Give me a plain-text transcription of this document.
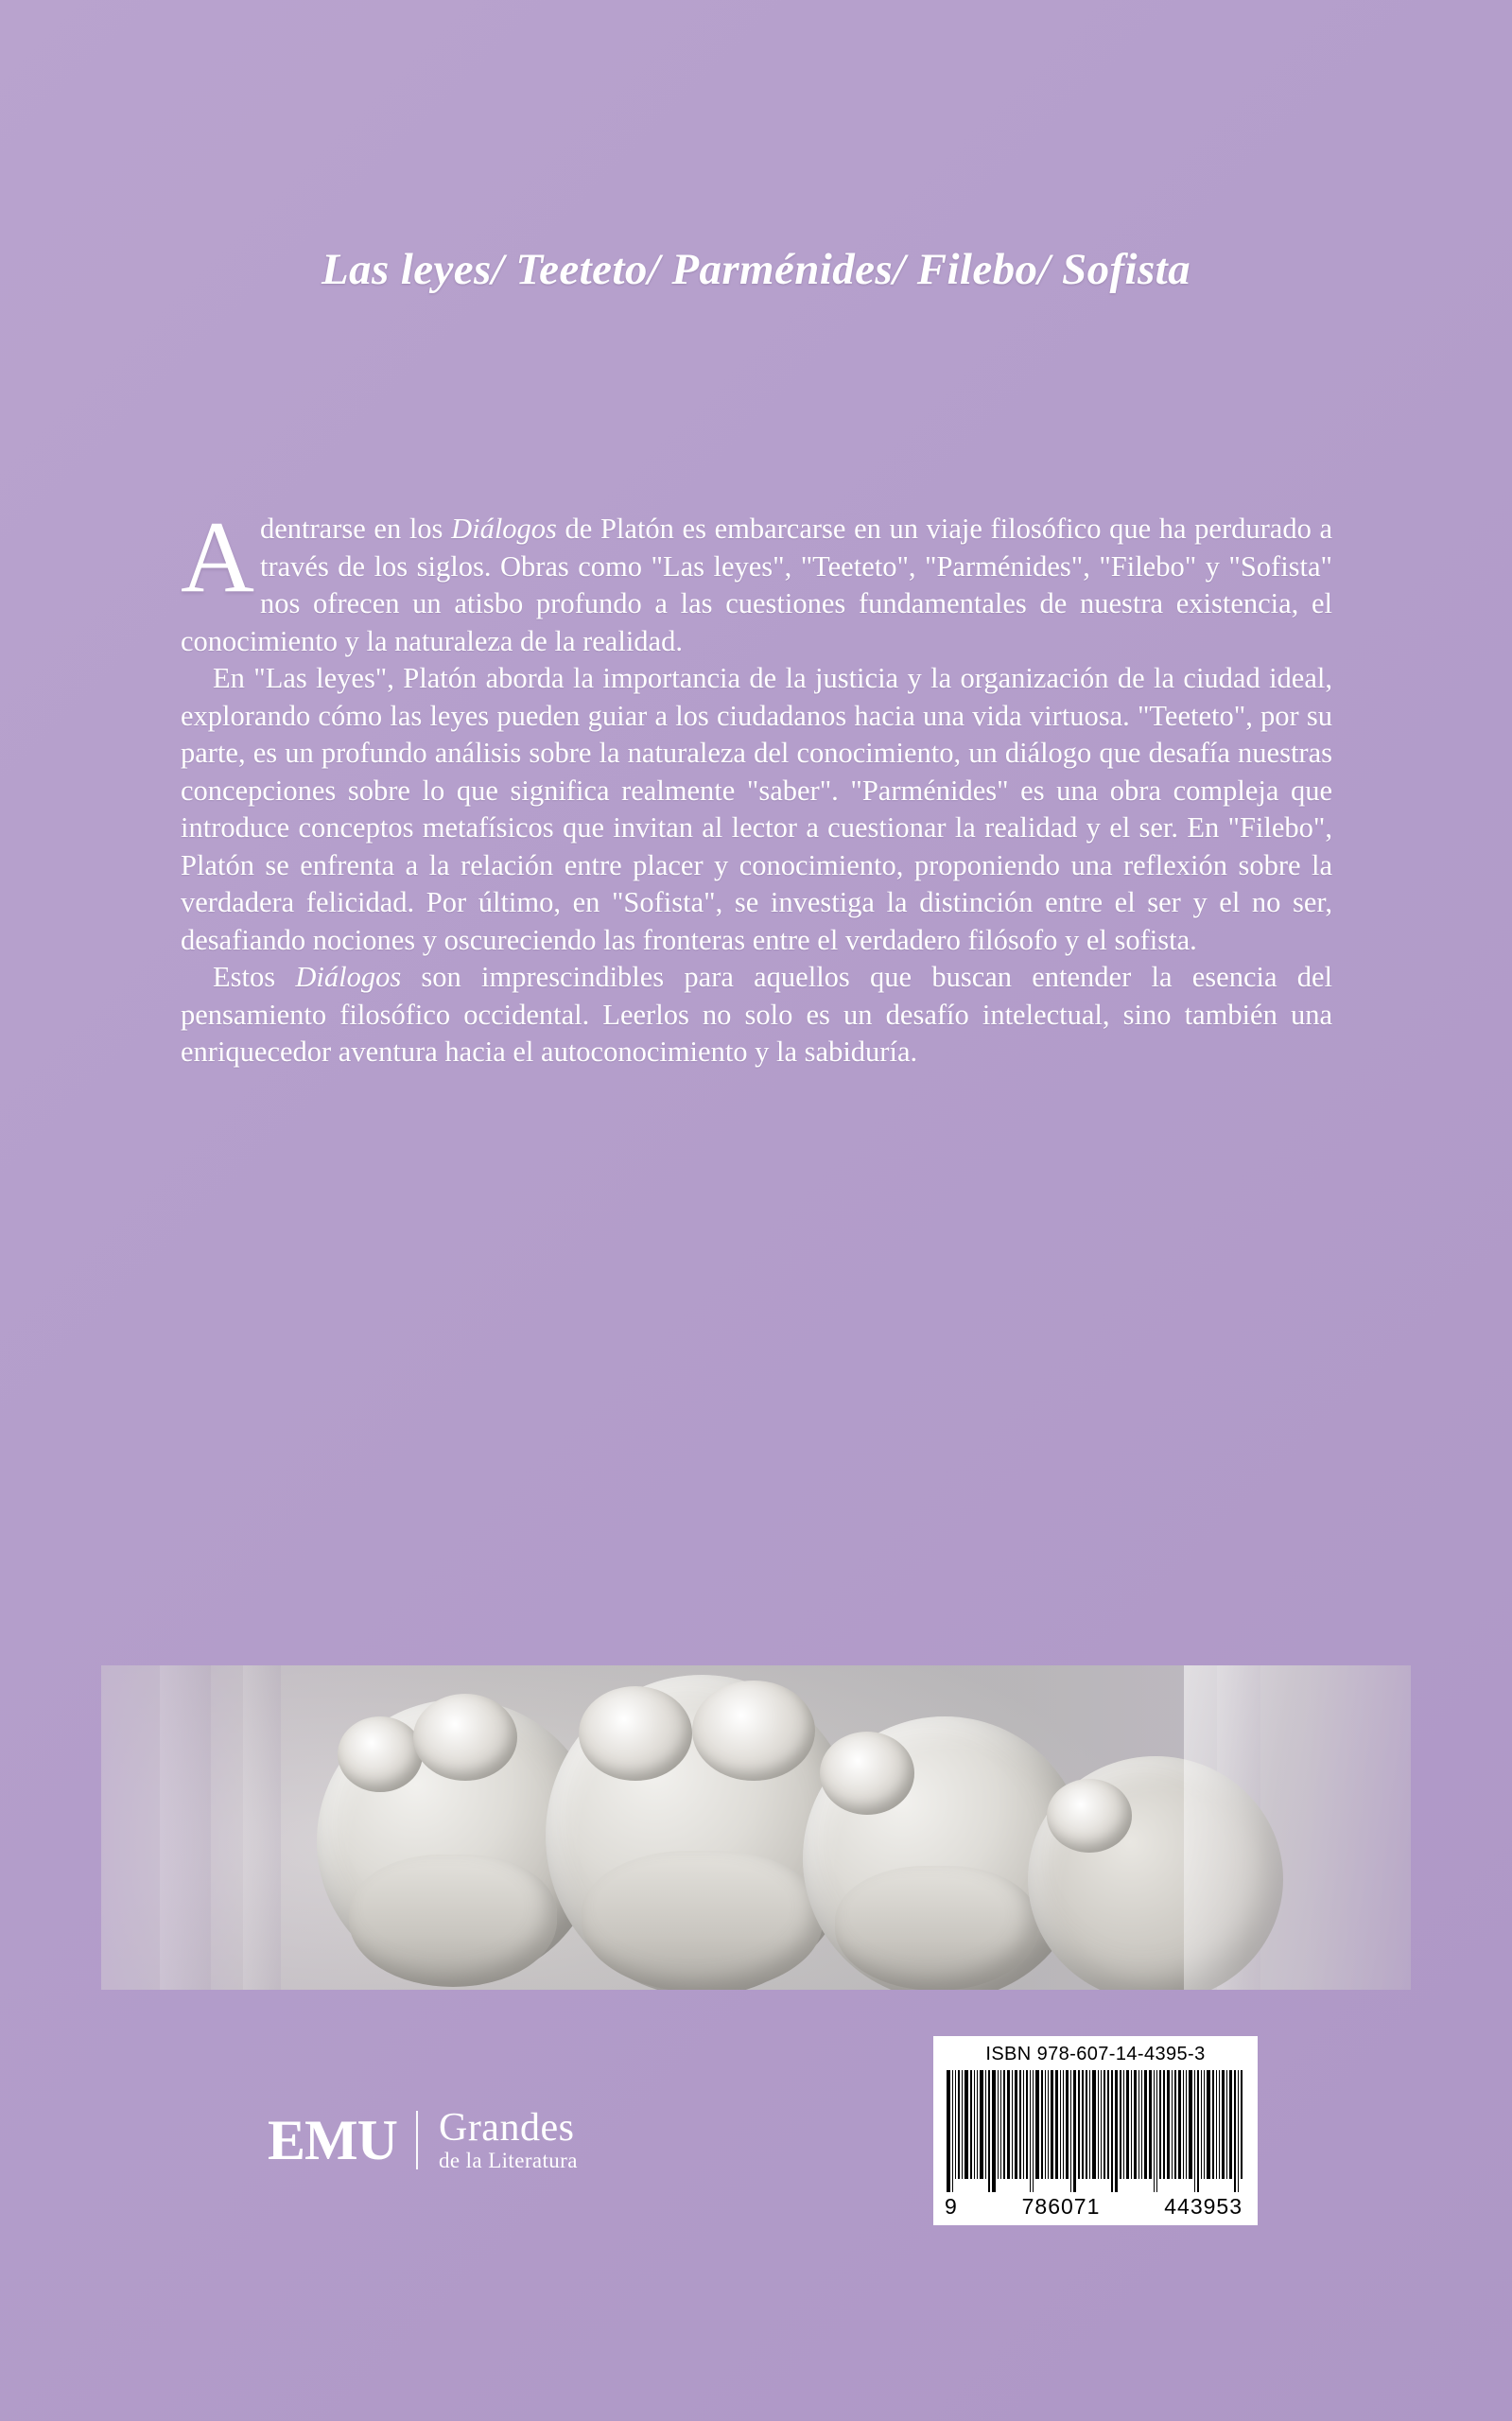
Las leyes/ Teeteto/ Parménides/ Filebo/ Sofista

Adentrarse en los Diálogos de Platón es embarcarse en un viaje filosófico que ha perdurado a través de los siglos. Obras como "Las leyes", "Teeteto", "Parménides", "Filebo" y "Sofista" nos ofrecen un atisbo profundo a las cuestiones fundamentales de nuestra existencia, el conocimiento y la naturaleza de la realidad.

En "Las leyes", Platón aborda la importancia de la justicia y la organización de la ciudad ideal, explorando cómo las leyes pueden guiar a los ciudadanos hacia una vida virtuosa. "Teeteto", por su parte, es un profundo análisis sobre la naturaleza del conocimiento, un diálogo que desafía nuestras concepciones sobre lo que significa realmente "saber". "Parménides" es una obra compleja que introduce conceptos metafísicos que invitan al lector a cuestionar la realidad y el ser. En "Filebo", Platón se enfrenta a la relación entre placer y conocimiento, proponiendo una reflexión sobre la verdadera felicidad. Por último, en "Sofista", se investiga la distinción entre el ser y el no ser, desafiando nociones y oscureciendo las fronteras entre el verdadero filósofo y el sofista.

Estos Diálogos son imprescindibles para aquellos que buscan entender la esencia del pensamiento filosófico occidental. Leerlos no solo es un desafío intelectual, sino también una enriquecedor aventura hacia el autoconocimiento y la sabiduría.

EMU Grandes
de la Literatura
ISBN 978-607-14-4395-3
9	786071	443953
